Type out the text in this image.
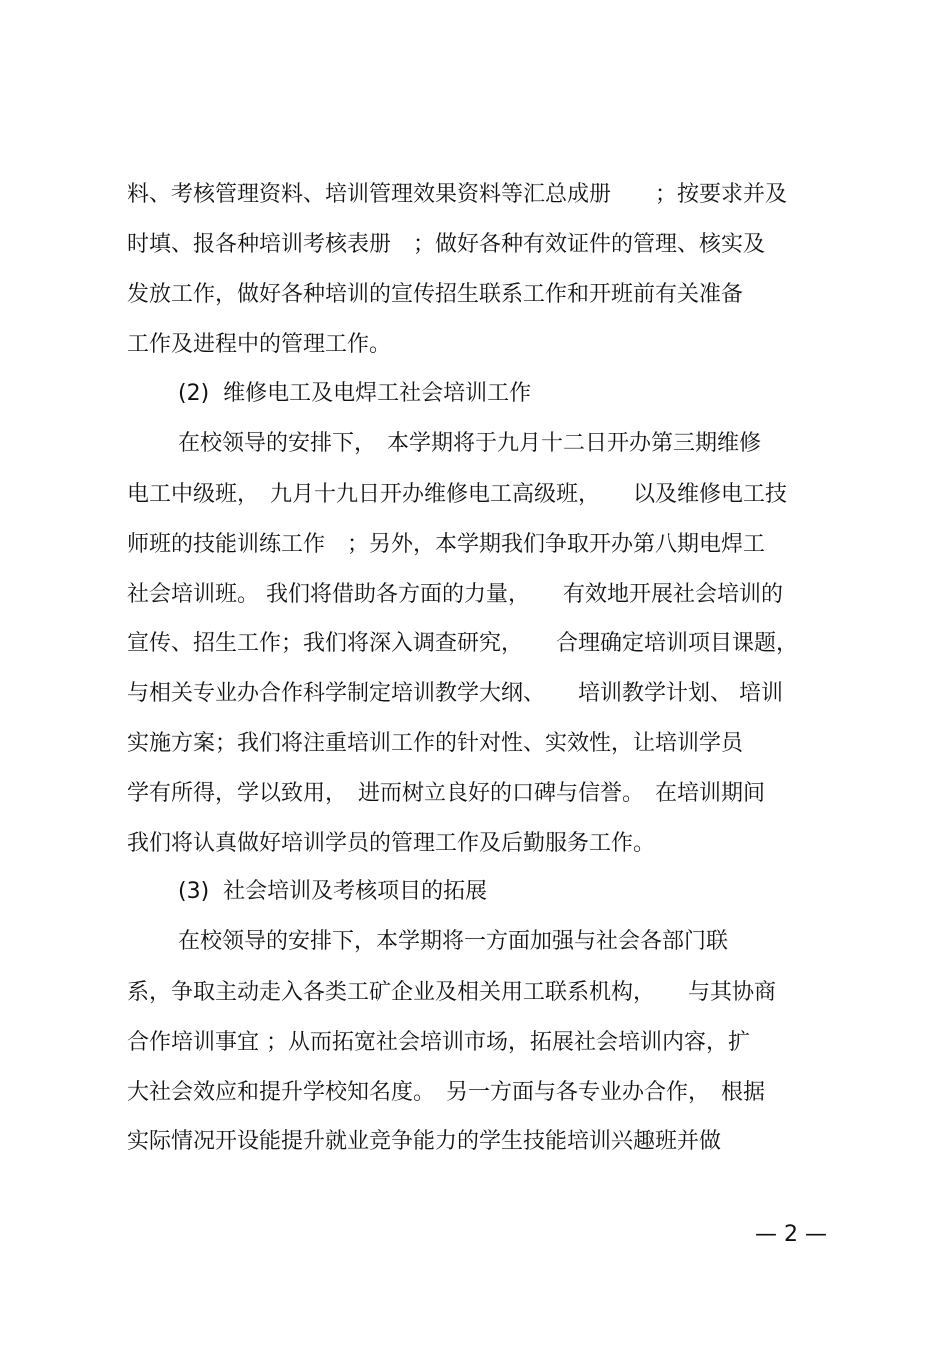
料、考核管理资料、培训管理效果资料等汇总成册　　；按要求并及
时填、报各种培训考核表册　；做好各种有效证件的管理、核实及
发放工作，做好各种培训的宣传招生联系工作和开班前有关准备
工作及进程中的管理工作。
(2)  维修电工及电焊工社会培训工作
在校领导的安排下，　本学期将于九月十二日开办第三期维修
电工中级班，　九月十九日开办维修电工高级班，　　以及维修电工技
师班的技能训练工作　；另外，本学期我们争取开办第八期电焊工
社会培训班。 我们将借助各方面的力量，　　有效地开展社会培训的
宣传、招生工作；我们将深入调查研究，　　合理确定培训项目课题，
与相关专业办合作科学制定培训教学大纲、　　培训教学计划、 培训
实施方案；我们将注重培训工作的针对性、实效性，让培训学员
学有所得，学以致用，　进而树立良好的口碑与信誉。　在培训期间
我们将认真做好培训学员的管理工作及后勤服务工作。
(3)  社会培训及考核项目的拓展
在校领导的安排下，本学期将一方面加强与社会各部门联
系，争取主动走入各类工矿企业及相关用工联系机构，　　与其协商
合作培训事宜 ；从而拓宽社会培训市场，拓展社会培训内容，扩
大社会效应和提升学校知名度。　另一方面与各专业办合作，　根据
实际情况开设能提升就业竞争能力的学生技能培训兴趣班并做
— 2 —
